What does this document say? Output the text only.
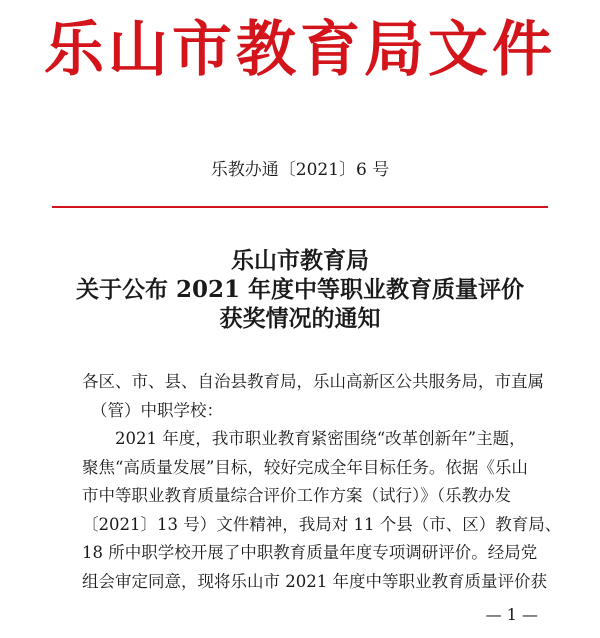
乐山市教育局文件
乐教办通〔2021〕6 号
乐山市教育局
关于公布 2021 年度中等职业教育质量评价
获奖情况的通知

各区、市、县、自治县教育局，乐山高新区公共服务局，市直属

（管）中职学校：

2021 年度，我市职业教育紧密围绕“改革创新年”主题，

聚焦“高质量发展”目标，较好完成全年目标任务。依据《乐山

市中等职业教育质量综合评价工作方案（试行）》（乐教办发

〔2021〕13 号）文件精神，我局对 11 个县（市、区）教育局、

18 所中职学校开展了中职教育质量年度专项调研评价。经局党

组会审定同意，现将乐山市 2021 年度中等职业教育质量评价获

— 1 —
